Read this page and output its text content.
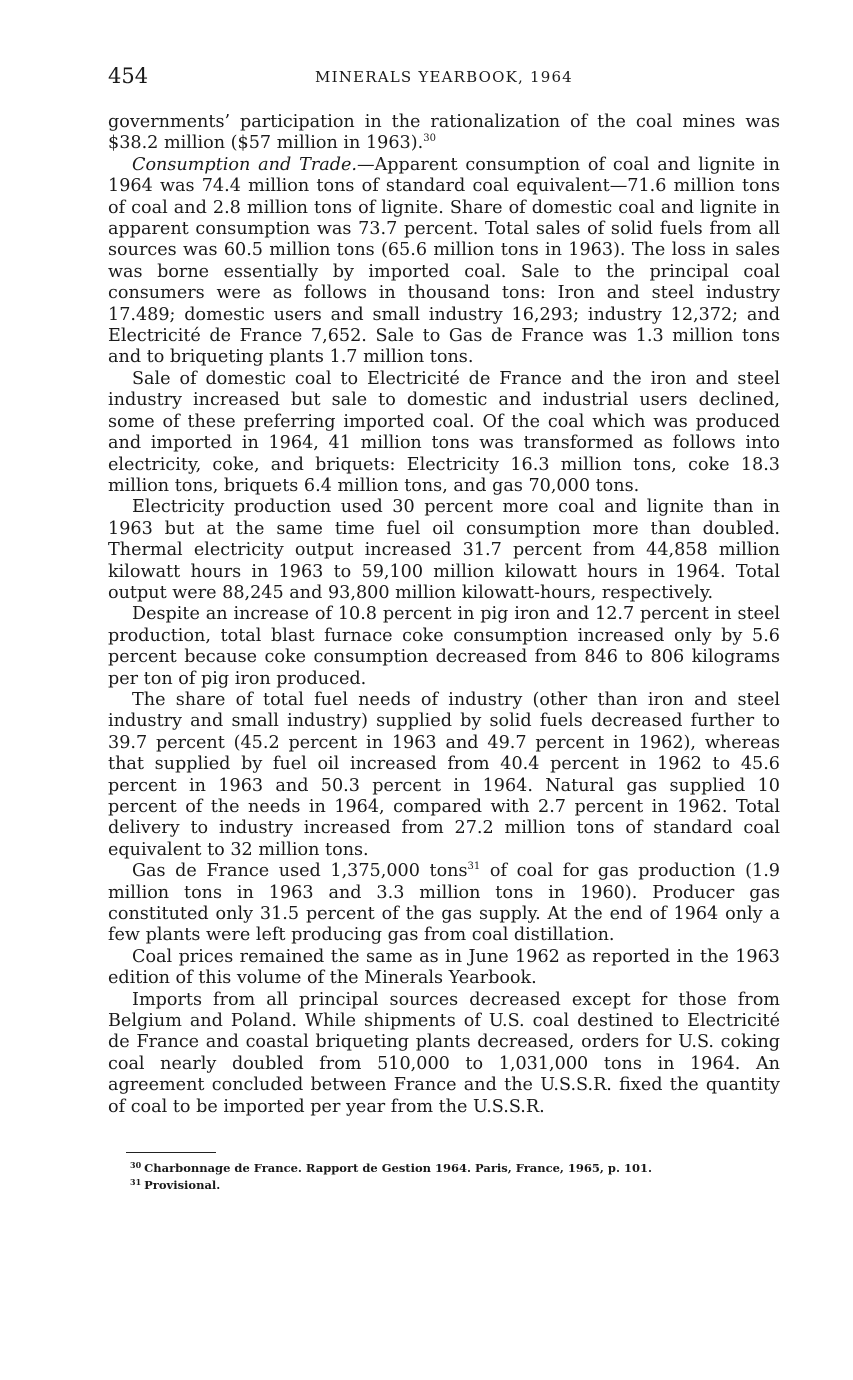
454	MINERALS YEARBOOK, 1964

governments’ participation in the rationalization of the coal mines was $38.2 million ($57 million in 1963).$^{30}$

Consumption and Trade.—Apparent consumption of coal and lignite in 1964 was 74.4 million tons of standard coal equivalent—71.6 million tons of coal and 2.8 million tons of lignite. Share of domestic coal and lignite in apparent consumption was 73.7 percent. Total sales of solid fuels from all sources was 60.5 million tons (65.6 million tons in 1963). The loss in sales was borne essentially by imported coal. Sale to the principal coal consumers were as follows in thousand tons: Iron and steel industry 17.489; domestic users and small industry 16,293; industry 12,372; and Electricité de France 7,652. Sale to Gas de France was 1.3 million tons and to briqueting plants 1.7 million tons.

Sale of domestic coal to Electricité de France and the iron and steel industry increased but sale to domestic and industrial users declined, some of these preferring imported coal. Of the coal which was produced and imported in 1964, 41 million tons was transformed as follows into electricity, coke, and briquets: Electricity 16.3 million tons, coke 18.3 million tons, briquets 6.4 million tons, and gas 70,000 tons.

Electricity production used 30 percent more coal and lignite than in 1963 but at the same time fuel oil consumption more than doubled. Thermal electricity output increased 31.7 percent from 44,858 million kilowatt hours in 1963 to 59,100 million kilowatt hours in 1964. Total output were 88,245 and 93,800 million kilowatt-hours, respectively.

Despite an increase of 10.8 percent in pig iron and 12.7 percent in steel production, total blast furnace coke consumption increased only by 5.6 percent because coke consumption decreased from 846 to 806 kilograms per ton of pig iron produced.

The share of total fuel needs of industry (other than iron and steel industry and small industry) supplied by solid fuels decreased further to 39.7 percent (45.2 percent in 1963 and 49.7 percent in 1962), whereas that supplied by fuel oil increased from 40.4 percent in 1962 to 45.6 percent in 1963 and 50.3 percent in 1964. Natural gas supplied 10 percent of the needs in 1964, compared with 2.7 percent in 1962. Total delivery to industry increased from 27.2 million tons of standard coal equivalent to 32 million tons.

Gas de France used 1,375,000 tons$^{31}$ of coal for gas production (1.9 million tons in 1963 and 3.3 million tons in 1960). Producer gas constituted only 31.5 percent of the gas supply. At the end of 1964 only a few plants were left producing gas from coal distillation.

Coal prices remained the same as in June 1962 as reported in the 1963 edition of this volume of the Minerals Yearbook.

Imports from all principal sources decreased except for those from Belgium and Poland. While shipments of U.S. coal destined to Electricité de France and coastal briqueting plants decreased, orders for U.S. coking coal nearly doubled from 510,000 to 1,031,000 tons in 1964. An agreement concluded between France and the U.S.S.R. fixed the quantity of coal to be imported per year from the U.S.S.R.

$^{30}$ Charbonnage de France. Rapport de Gestion 1964. Paris, France, 1965, p. 101.

$^{31}$ Provisional.
